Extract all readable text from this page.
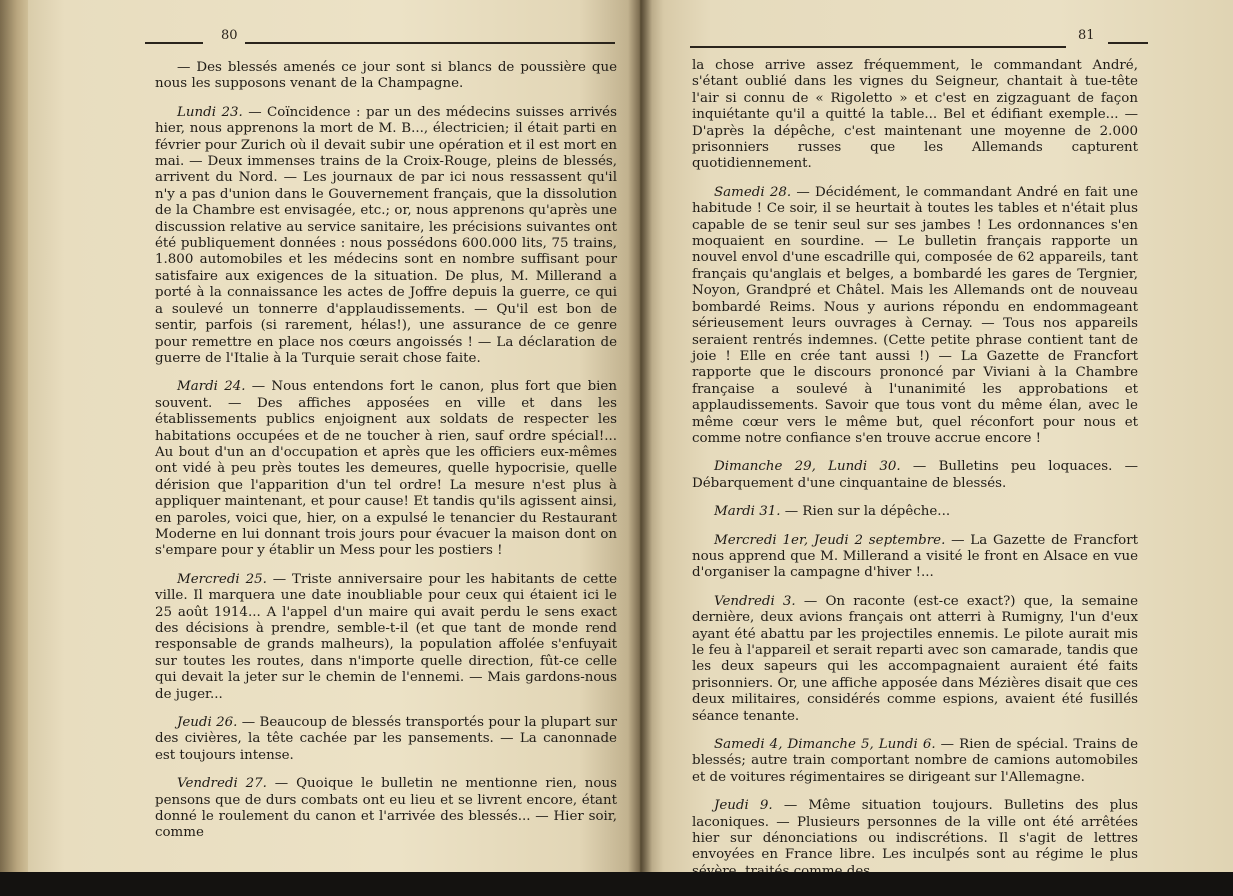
80	81

— Des blessés amenés ce jour sont si blancs de poussière que nous les supposons venant de la Champagne.

Lundi 23. — Coïncidence : par un des médecins suisses arrivés hier, nous apprenons la mort de M. B..., électricien; il était parti en février pour Zurich où il devait subir une opération et il est mort en mai. — Deux immenses trains de la Croix-Rouge, pleins de blessés, arrivent du Nord. — Les journaux de par ici nous ressassent qu'il n'y a pas d'union dans le Gouvernement français, que la dissolution de la Chambre est envisagée, etc.; or, nous apprenons qu'après une discussion relative au service sanitaire, les précisions suivantes ont été publiquement données : nous possédons 600.000 lits, 75 trains, 1.800 automobiles et les médecins sont en nombre suffisant pour satisfaire aux exigences de la situation. De plus, M. Millerand a porté à la connaissance les actes de Joffre depuis la guerre, ce qui a soulevé un tonnerre d'applaudissements. — Qu'il est bon de sentir, parfois (si rarement, hélas!), une assurance de ce genre pour remettre en place nos cœurs angoissés ! — La déclaration de guerre de l'Italie à la Turquie serait chose faite.

Mardi 24. — Nous entendons fort le canon, plus fort que bien souvent. — Des affiches apposées en ville et dans les établissements publics enjoignent aux soldats de respecter les habitations occupées et de ne toucher à rien, sauf ordre spécial!... Au bout d'un an d'occupation et après que les officiers eux-mêmes ont vidé à peu près toutes les demeures, quelle hypocrisie, quelle dérision que l'apparition d'un tel ordre! La mesure n'est plus à appliquer maintenant, et pour cause! Et tandis qu'ils agissent ainsi, en paroles, voici que, hier, on a expulsé le tenancier du Restaurant Moderne en lui donnant trois jours pour évacuer la maison dont on s'empare pour y établir un Mess pour les postiers !

Mercredi 25. — Triste anniversaire pour les habitants de cette ville. Il marquera une date inoubliable pour ceux qui étaient ici le 25 août 1914... A l'appel d'un maire qui avait perdu le sens exact des décisions à prendre, semble-t-il (et que tant de monde rend responsable de grands malheurs), la population affolée s'enfuyait sur toutes les routes, dans n'importe quelle direction, fût-ce celle qui devait la jeter sur le chemin de l'ennemi. — Mais gardons-nous de juger...

Jeudi 26. — Beaucoup de blessés transportés pour la plupart sur des civières, la tête cachée par les pansements. — La canonnade est toujours intense.

Vendredi 27. — Quoique le bulletin ne mentionne rien, nous pensons que de durs combats ont eu lieu et se livrent encore, étant donné le roulement du canon et l'arrivée des blessés... — Hier soir, comme

la chose arrive assez fréquemment, le commandant André, s'étant oublié dans les vignes du Seigneur, chantait à tue-tête l'air si connu de « Rigoletto » et c'est en zigzaguant de façon inquiétante qu'il a quitté la table... Bel et édifiant exemple... — D'après la dépêche, c'est maintenant une moyenne de 2.000 prisonniers russes que les Allemands capturent quotidiennement.

Samedi 28. — Décidément, le commandant André en fait une habitude ! Ce soir, il se heurtait à toutes les tables et n'était plus capable de se tenir seul sur ses jambes ! Les ordonnances s'en moquaient en sourdine. — Le bulletin français rapporte un nouvel envol d'une escadrille qui, composée de 62 appareils, tant français qu'anglais et belges, a bombardé les gares de Tergnier, Noyon, Grandpré et Châtel. Mais les Allemands ont de nouveau bombardé Reims. Nous y aurions répondu en endommageant sérieusement leurs ouvrages à Cernay. — Tous nos appareils seraient rentrés indemnes. (Cette petite phrase contient tant de joie ! Elle en crée tant aussi !) — La Gazette de Francfort rapporte que le discours prononcé par Viviani à la Chambre française a soulevé à l'unanimité les approbations et applaudissements. Savoir que tous vont du même élan, avec le même cœur vers le même but, quel réconfort pour nous et comme notre confiance s'en trouve accrue encore !

Dimanche 29, Lundi 30. — Bulletins peu loquaces. — Débarquement d'une cinquantaine de blessés.

Mardi 31. — Rien sur la dépêche...

Mercredi 1er, Jeudi 2 septembre. — La Gazette de Francfort nous apprend que M. Millerand a visité le front en Alsace en vue d'organiser la campagne d'hiver !...

Vendredi 3. — On raconte (est-ce exact?) que, la semaine dernière, deux avions français ont atterri à Rumigny, l'un d'eux ayant été abattu par les projectiles ennemis. Le pilote aurait mis le feu à l'appareil et serait reparti avec son camarade, tandis que les deux sapeurs qui les accompagnaient auraient été faits prisonniers. Or, une affiche apposée dans Mézières disait que ces deux militaires, considérés comme espions, avaient été fusillés séance tenante.

Samedi 4, Dimanche 5, Lundi 6. — Rien de spécial. Trains de blessés; autre train comportant nombre de camions automobiles et de voitures régimentaires se dirigeant sur l'Allemagne.

Jeudi 9. — Même situation toujours. Bulletins des plus laconiques. — Plusieurs personnes de la ville ont été arrêtées hier sur dénonciations ou indiscrétions. Il s'agit de lettres envoyées en France libre. Les inculpés sont au régime le plus
